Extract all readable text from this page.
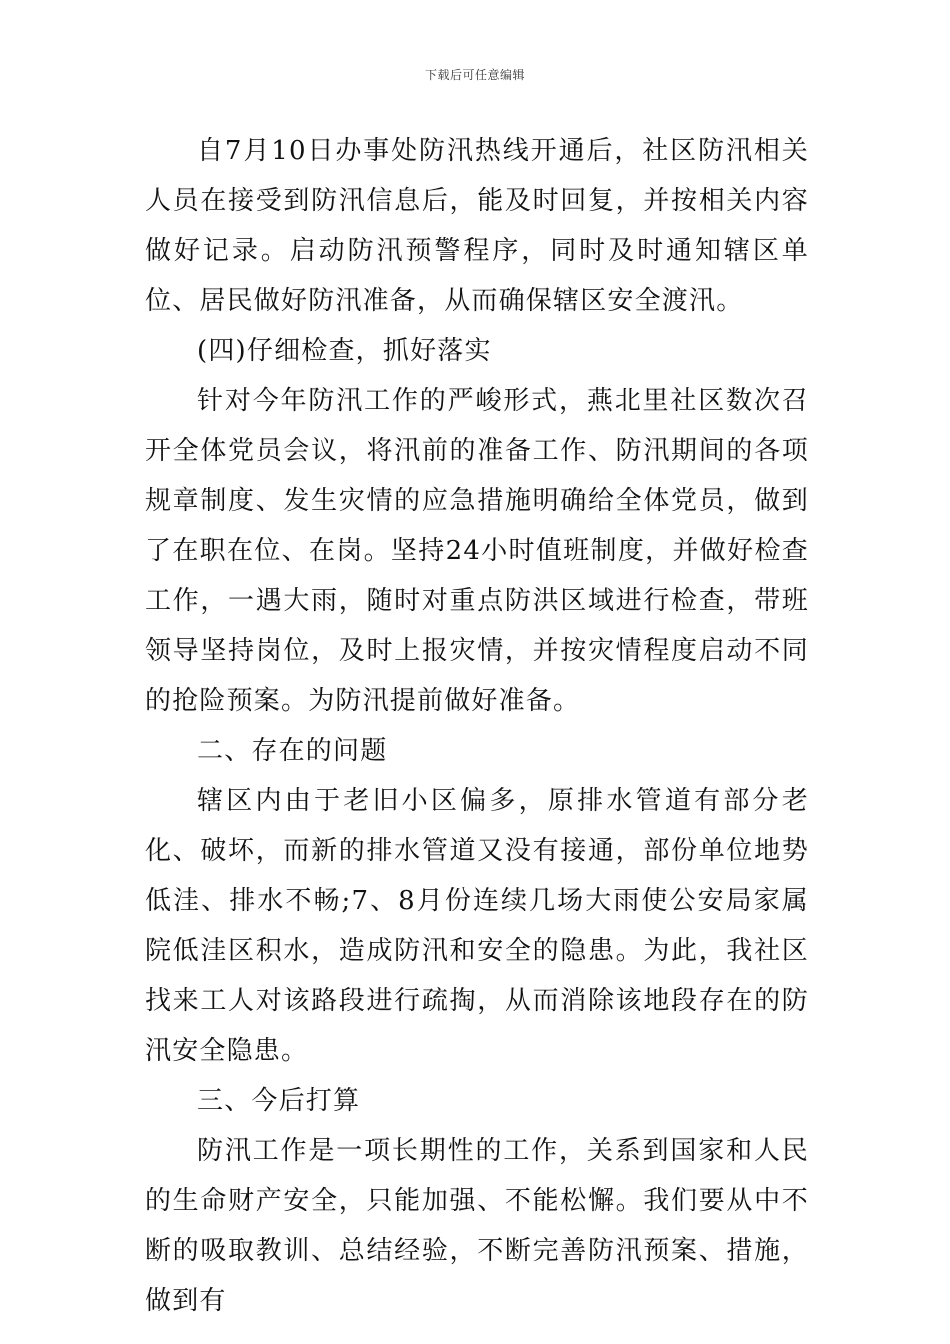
下载后可任意编辑

自7月10日办事处防汛热线开通后，社区防汛相关人员在接受到防汛信息后，能及时回复，并按相关内容做好记录。启动防汛预警程序，同时及时通知辖区单位、居民做好防汛准备，从而确保辖区安全渡汛。

(四)仔细检查，抓好落实

针对今年防汛工作的严峻形式，燕北里社区数次召开全体党员会议，将汛前的准备工作、防汛期间的各项规章制度、发生灾情的应急措施明确给全体党员，做到了在职在位、在岗。坚持24小时值班制度，并做好检查工作，一遇大雨，随时对重点防洪区域进行检查，带班领导坚持岗位，及时上报灾情，并按灾情程度启动不同的抢险预案。为防汛提前做好准备。

二、存在的问题

辖区内由于老旧小区偏多，原排水管道有部分老化、破坏，而新的排水管道又没有接通，部份单位地势低洼、排水不畅;7、8月份连续几场大雨使公安局家属院低洼区积水，造成防汛和安全的隐患。为此，我社区找来工人对该路段进行疏掏，从而消除该地段存在的防汛安全隐患。

三、今后打算

防汛工作是一项长期性的工作，关系到国家和人民的生命财产安全，只能加强、不能松懈。我们要从中不断的吸取教训、总结经验，不断完善防汛预案、措施，做到有
